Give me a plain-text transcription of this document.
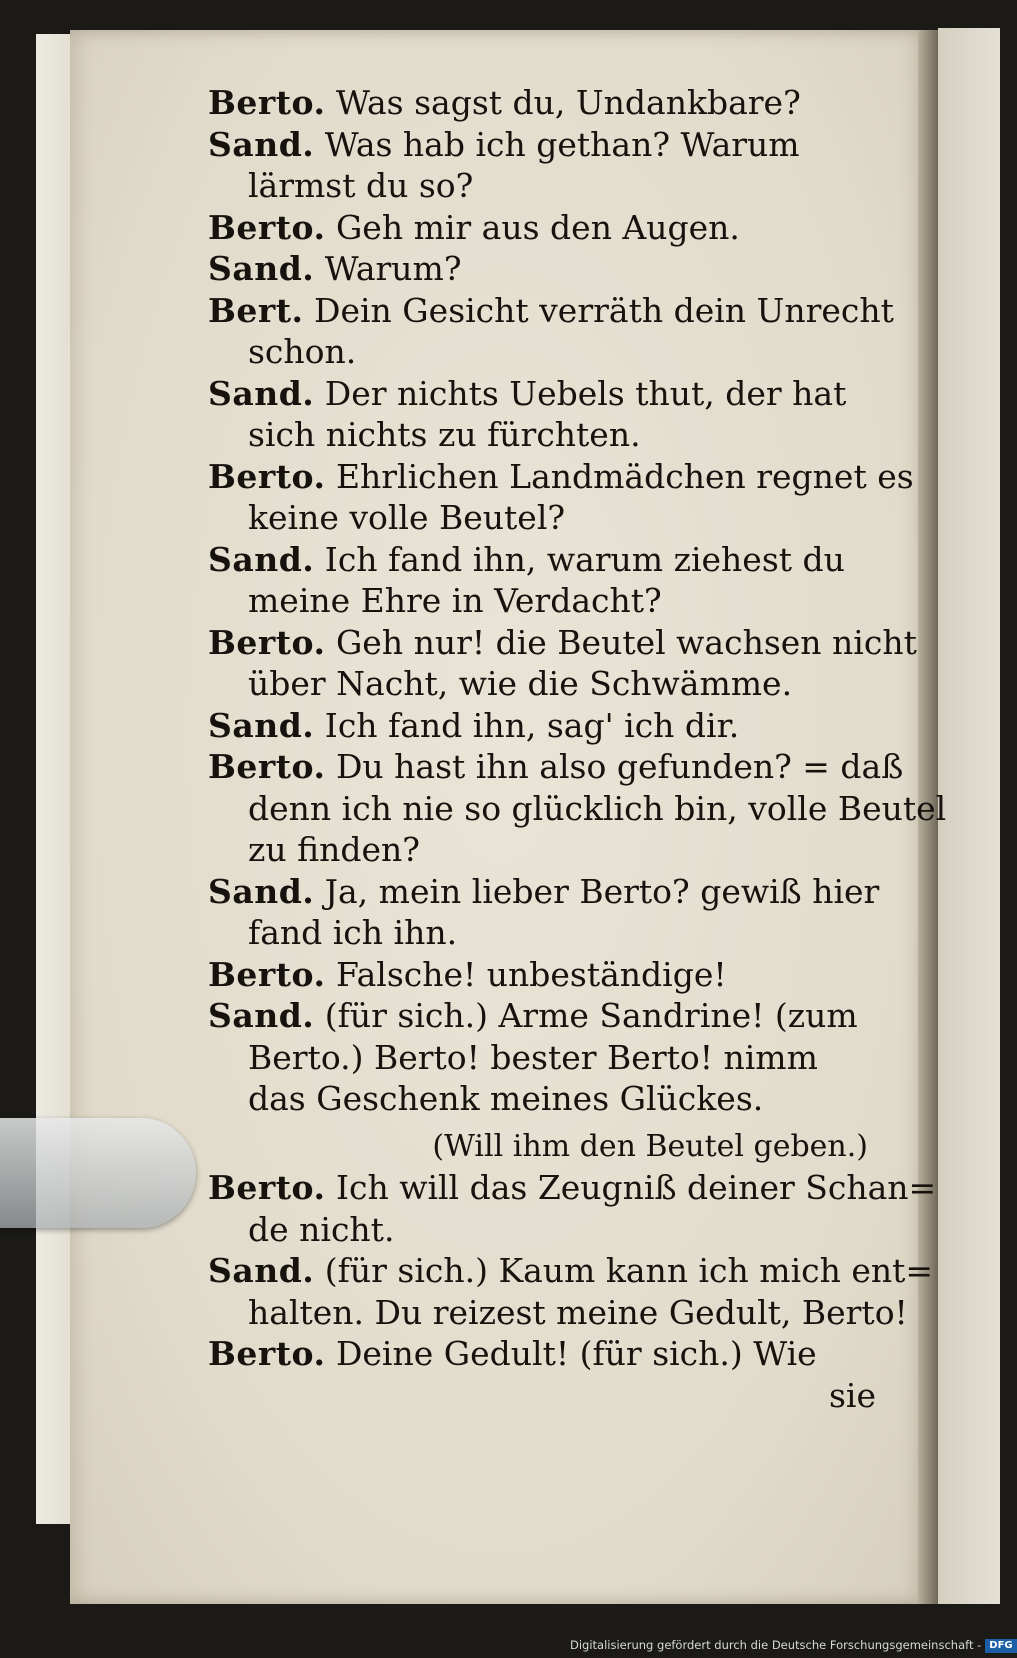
Berto. Was sagst du, Undankbare?
Sand. Was hab ich gethan? Warum
lärmst du so?
Berto. Geh mir aus den Augen.
Sand. Warum?
Bert. Dein Gesicht verräth dein Unrecht
schon.
Sand. Der nichts Uebels thut, der hat
sich nichts zu fürchten.
Berto. Ehrlichen Landmädchen regnet es
keine volle Beutel?
Sand. Ich fand ihn, warum ziehest du
meine Ehre in Verdacht?
Berto. Geh nur! die Beutel wachsen nicht
über Nacht, wie die Schwämme.
Sand. Ich fand ihn, sag' ich dir.
Berto. Du hast ihn also gefunden? = daß
denn ich nie so glücklich bin, volle Beutel
zu finden?
Sand. Ja, mein lieber Berto? gewiß hier
fand ich ihn.
Berto. Falsche! unbeständige!
Sand. (für sich.) Arme Sandrine! (zum
Berto.) Berto! bester Berto! nimm
das Geschenk meines Glückes.
(Will ihm den Beutel geben.)
Berto. Ich will das Zeugniß deiner Schan=
de nicht.
Sand. (für sich.) Kaum kann ich mich ent=
halten. Du reizest meine Gedult, Berto!
Berto. Deine Gedult! (für sich.) Wie
sie
Digitalisierung gefördert durch die Deutsche Forschungsgemeinschaft - DFG
